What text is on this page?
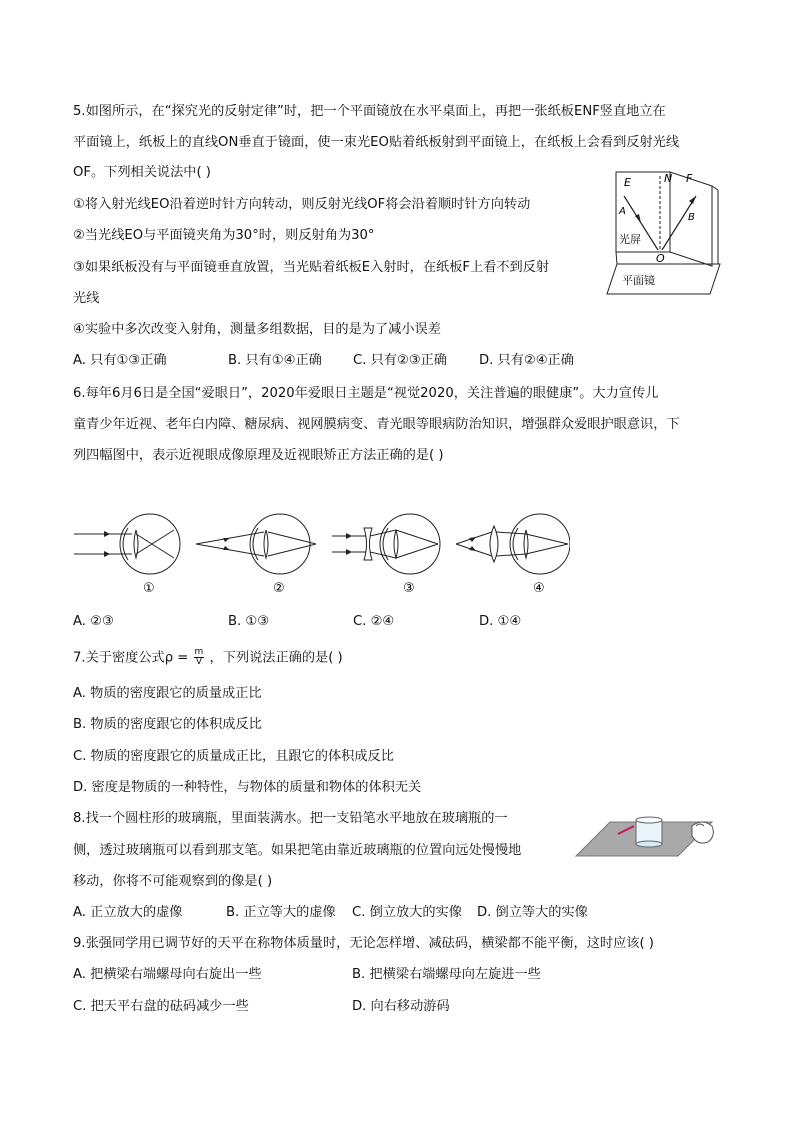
5.如图所示，在“探究光的反射定律”时，把一个平面镜放在水平桌面上，再把一张纸板ENF竖直地立在
平面镜上，纸板上的直线ON垂直于镜面，使一束光EO贴着纸板射到平面镜上，在纸板上会看到反射光线
OF。下列相关说法中( )
①将入射光线EO沿着逆时针方向转动，则反射光线OF将会沿着顺时针方向转动
②当光线EO与平面镜夹角为30°时，则反射角为30°
③如果纸板没有与平面镜垂直放置，当光贴着纸板E入射时，在纸板F上看不到反射
光线
④实验中多次改变入射角，测量多组数据，目的是为了减小误差
A. 只有①③正确	B. 只有①④正确 C. 只有②③正确 D. 只有②④正确
E	N F
A
B
O
光屏
平面镜
6.每年6月6日是全国“爱眼日”，2020年爱眼日主题是“视觉2020，关注普遍的眼健康”。大力宣传儿
童青少年近视、老年白内障、糖尿病、视网膜病变、青光眼等眼病防治知识，增强群众爱眼护眼意识，下
列四幅图中，表示近视眼成像原理及近视眼矫正方法正确的是( )
①	②	③	④
A. ②③	B. ①③	C. ②④	D. ①④
7.关于密度公式$\rho = \frac{m}{V}$ ，下列说法正确的是( )
A. 物质的密度跟它的质量成正比
B. 物质的密度跟它的体积成反比
C. 物质的密度跟它的质量成正比，且跟它的体积成反比
D. 密度是物质的一种特性，与物体的质量和物体的体积无关
8.找一个圆柱形的玻璃瓶，里面装满水。把一支铅笔水平地放在玻璃瓶的一
侧，透过玻璃瓶可以看到那支笔。如果把笔由靠近玻璃瓶的位置向远处慢慢地
移动，你将不可能观察到的像是( )
A. 正立放大的虚像	B. 正立等大的虚像 C. 倒立放大的实像 D. 倒立等大的实像
9.张强同学用已调节好的天平在称物体质量时，无论怎样增、减砝码，横梁都不能平衡，这时应该( )
A. 把横梁右端螺母向右旋出一些	B. 把横梁右端螺母向左旋进一些
C. 把天平右盘的砝码减少一些	D. 向右移动游码
